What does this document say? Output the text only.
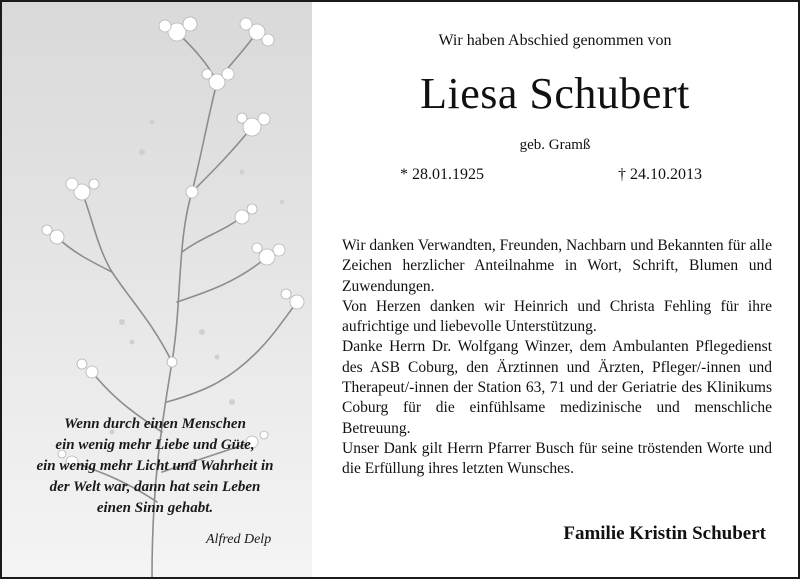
Wenn durch einen Menschen
ein wenig mehr Liebe und Güte,
ein wenig mehr Licht und Wahrheit in
der Welt war, dann hat sein Leben
einen Sinn gehabt.
Alfred Delp
Wir haben Abschied genommen von
Liesa Schubert
geb. Gramß
* 28.01.1925	† 24.10.2013

Wir danken Verwandten, Freunden, Nachbarn und Bekannten für alle Zeichen herzlicher Anteilnahme in Wort, Schrift, Blumen und Zuwendungen.

Von Herzen danken wir Heinrich und Christa Fehling für ihre aufrichtige und liebevolle Unterstützung.

Danke Herrn Dr. Wolfgang Winzer, dem Ambulanten Pflegedienst des ASB Coburg, den Ärztinnen und Ärzten, Pfleger/-innen und Therapeut/-innen der Station 63, 71 und der Geriatrie des Klinikums Coburg für die einfühlsame medizinische und menschliche Betreuung.

Unser Dank gilt Herrn Pfarrer Busch für seine tröstenden Worte und die Erfüllung ihres letzten Wunsches.

Familie Kristin Schubert
